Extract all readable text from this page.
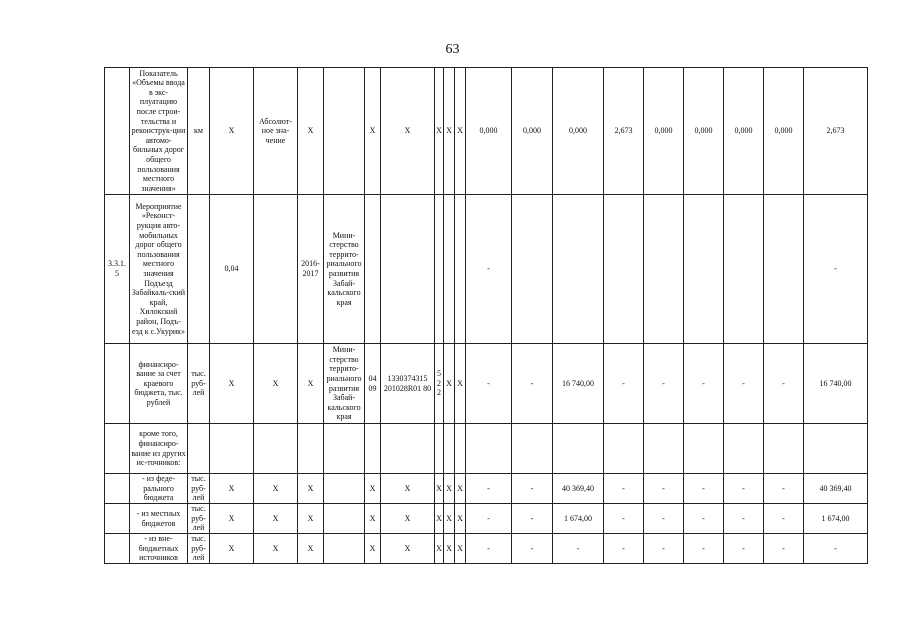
63
	Показатель «Объемы ввода в экс-плуатацию после строи-тельства и реконструк-ции автомо-бильных дорог общего пользования местного значения»	км	X	Абсолют-ное зна-чение	X		X	X	X	X	X	0,000	0,000	0,000	2,673	0,000	0,000	0,000	0,000	2,673
3.3.1. 5	Мероприятие «Реконст-рукция авто-мобильных дорог общего пользования местного значения Подъезд Забайкаль-ский край, Хилокский район, Подъ-езд к с.Укурик»		0,04		2016-2017	Мини-стерство террито-риального развития Забай-кальского края						-								-
	финансиро-вание за счет краевого бюджета, тыс. рублей	тыс. руб-лей	X	X	X	Мини-стерство террито-риального развития Забай-кальского края	04 09	1330374315 201028R01 80	5 2 2	X	X	-	-	16 740,00	-	-	-	-	-	16 740,00
	кроме того, финансиро-вание из других ис-точников:																			
	- из феде-рального бюджета	тыс. руб-лей	X	X	X		X	X	X	X	X	-	-	40 369,40	-	-	-	-	-	40 369,40
	- из местных бюджетов	тыс. руб-лей	X	X	X		X	X	X	X	X	-	-	1 674,00	-	-	-	-	-	1 674,00
	- из вне-бюджетных источников	тыс. руб-лей	X	X	X		X	X	X	X	X	-	-	-	-	-	-	-	-	-
